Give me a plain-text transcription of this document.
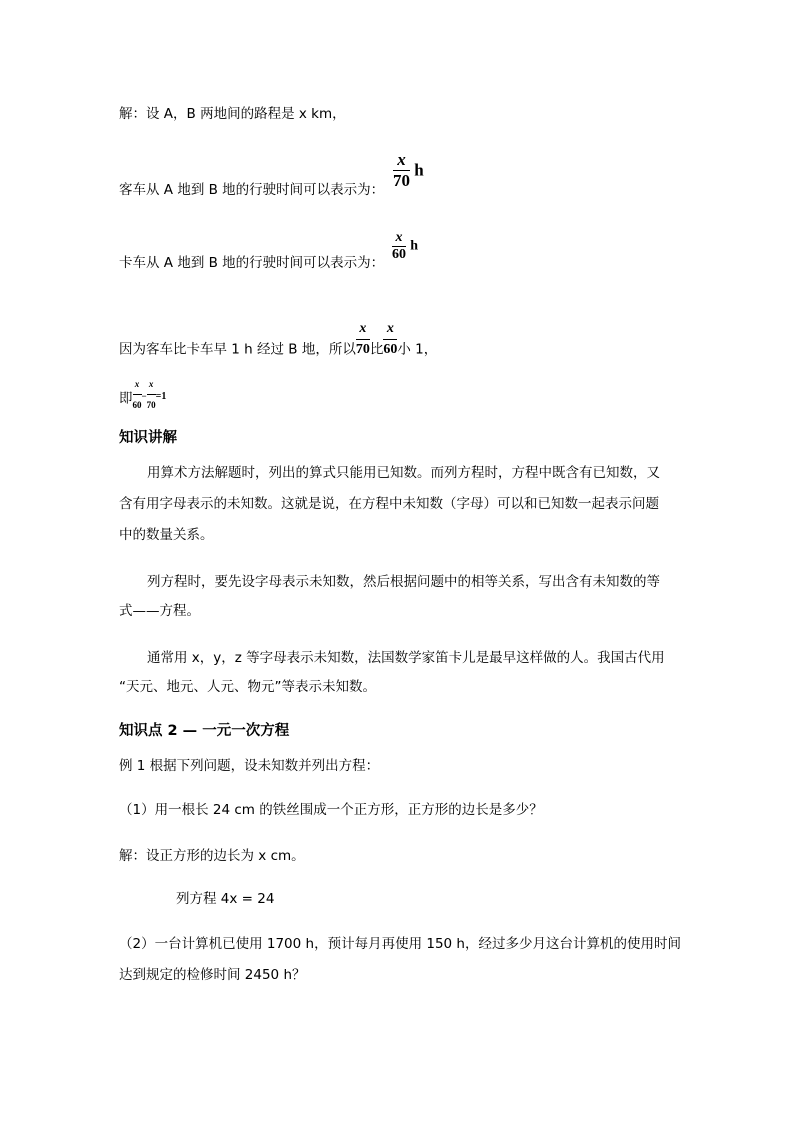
解：设 A，B 两地间的路程是 x km，
客车从 A 地到 B 地的行驶时间可以表示为： $\frac{x}{70}$ h
卡车从 A 地到 B 地的行驶时间可以表示为： $\frac{x}{60}$ h
因为客车比卡车早 1 h 经过 B 地，所以 $\frac{x}{70}$ 比 $\frac{x}{60}$ 小 1，
即 $\frac{x}{60} ^- \frac{x}{70} ^{=1}$
知识讲解
用算术方法解题时，列出的算式只能用已知数。而列方程时，方程中既含有已知数，又
含有用字母表示的未知数。这就是说，在方程中未知数（字母）可以和已知数一起表示问题
中的数量关系。
列方程时，要先设字母表示未知数，然后根据问题中的相等关系，写出含有未知数的等
式——方程。
通常用 x，y，z 等字母表示未知数，法国数学家笛卡儿是最早这样做的人。我国古代用
“天元、地元、人元、物元”等表示未知数。
知识点 2 — 一元一次方程
例 1 根据下列问题，设未知数并列出方程：
（1）用一根长 24 cm 的铁丝围成一个正方形，正方形的边长是多少？
解：设正方形的边长为 x cm。
列方程 4x = 24
（2）一台计算机已使用 1700 h，预计每月再使用 150 h，经过多少月这台计算机的使用时间
达到规定的检修时间 2450 h？
